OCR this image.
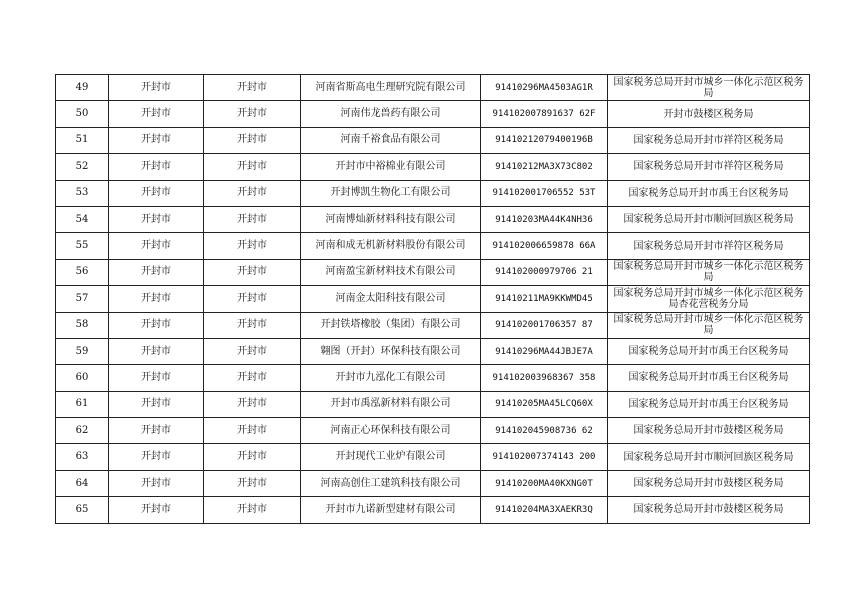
49	开封市	开封市	河南省斯高电生理研究院有限公司	91410296MA4503AG1R	国家税务总局开封市城乡一体化示范区税务局
50	开封市	开封市	河南伟龙兽药有限公司	914102007891637 62F	开封市鼓楼区税务局
51	开封市	开封市	河南千裕食品有限公司	91410212079400196B	国家税务总局开封市祥符区税务局
52	开封市	开封市	开封市中裕棉业有限公司	91410212MA3X73C802	国家税务总局开封市祥符区税务局
53	开封市	开封市	开封博凯生物化工有限公司	914102001706552 53T	国家税务总局开封市禹王台区税务局
54	开封市	开封市	河南博灿新材料科技有限公司	91410203MA44K4NH36	国家税务总局开封市顺河回族区税务局
55	开封市	开封市	河南和成无机新材料股份有限公司	914102006659878 66A	国家税务总局开封市祥符区税务局
56	开封市	开封市	河南盈宝新材料技术有限公司	914102000979706 21	国家税务总局开封市城乡一体化示范区税务局
57	开封市	开封市	河南金太阳科技有限公司	91410211MA9KKWMD45	国家税务总局开封市城乡一体化示范区税务局杏花营税务分局
58	开封市	开封市	开封铁塔橡胶（集团）有限公司	914102001706357 87	国家税务总局开封市城乡一体化示范区税务局
59	开封市	开封市	翱图（开封）环保科技有限公司	91410296MA44JBJE7A	国家税务总局开封市禹王台区税务局
60	开封市	开封市	开封市九泓化工有限公司	914102003968367 358	国家税务总局开封市禹王台区税务局
61	开封市	开封市	开封市禹泓新材料有限公司	91410205MA45LCQ60X	国家税务总局开封市禹王台区税务局
62	开封市	开封市	河南正心环保科技有限公司	914102045908736 62	国家税务总局开封市鼓楼区税务局
63	开封市	开封市	开封现代工业炉有限公司	914102007374143 200	国家税务总局开封市顺河回族区税务局
64	开封市	开封市	河南高创住工建筑科技有限公司	91410200MA40KXNG0T	国家税务总局开封市鼓楼区税务局
65	开封市	开封市	开封市九诺新型建材有限公司	91410204MA3XAEKR3Q	国家税务总局开封市鼓楼区税务局
